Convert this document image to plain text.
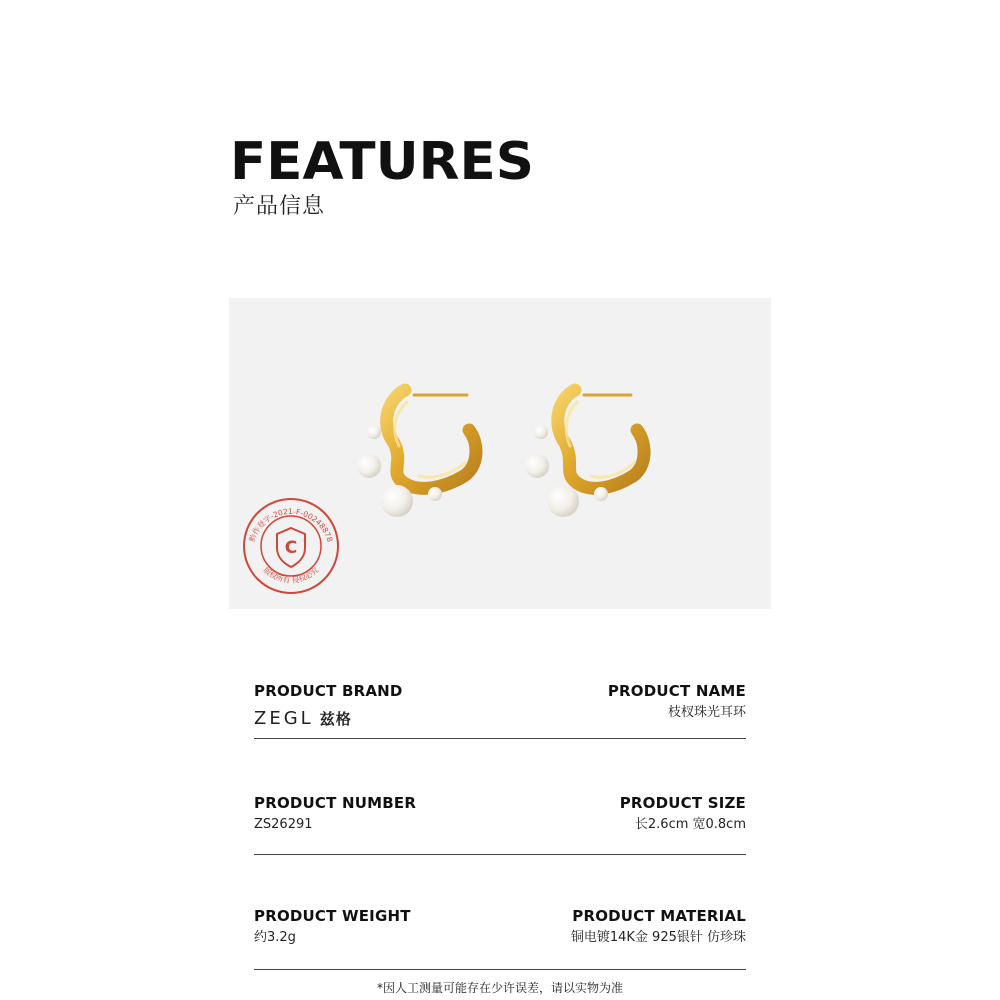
FEATURES
产品信息
C
黔作登字-2021-F-00248878
版权所有 侵权必究
PRODUCT BRAND
ZEGL 兹格
PRODUCT NAME
枝杈珠光耳环
PRODUCT NUMBER
ZS26291
PRODUCT SIZE
长2.6cm 宽0.8cm
PRODUCT WEIGHT
约3.2g
PRODUCT MATERIAL
铜电镀14K金 925银针 仿珍珠
*因人工测量可能存在少许误差，请以实物为准
